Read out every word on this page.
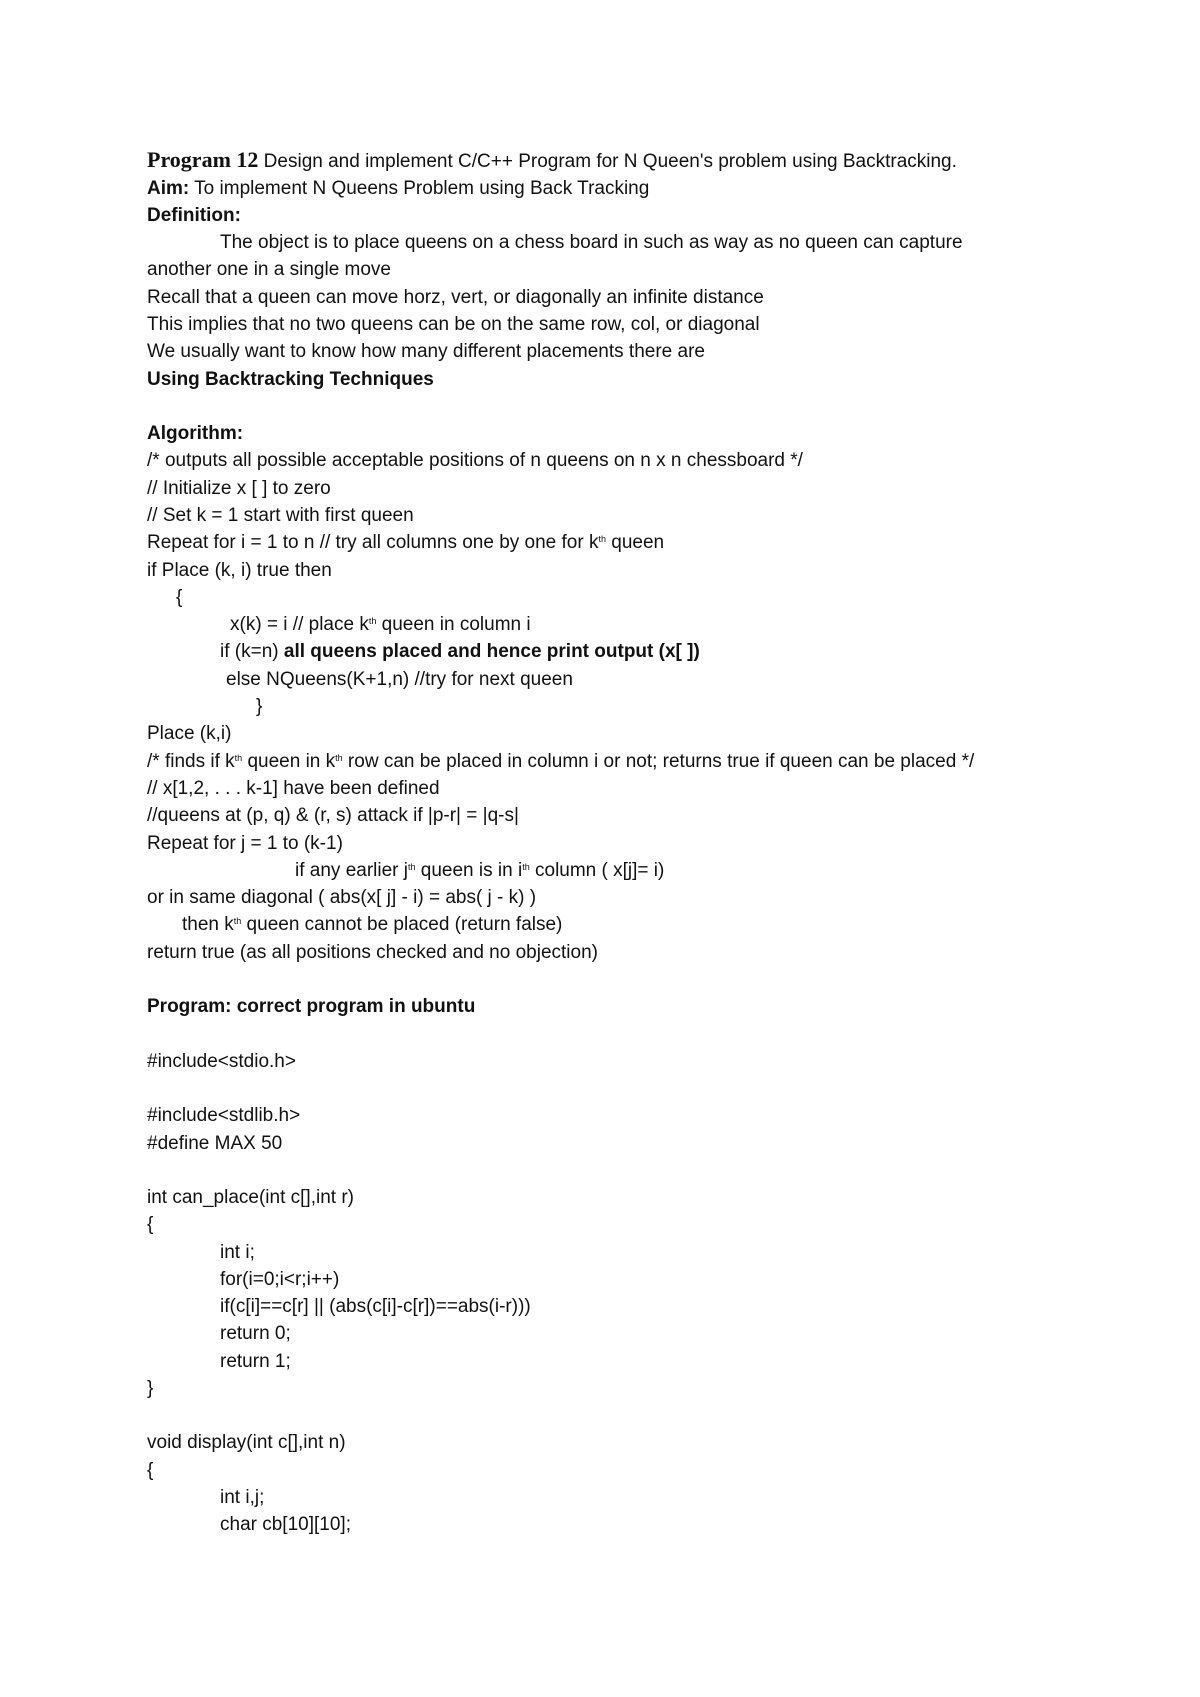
Program 12 Design and implement C/C++ Program for N Queen's problem using Backtracking.
Aim: To implement N Queens Problem using Back Tracking
Definition:
The object is to place queens on a chess board in such as way as no queen can capture
another one in a single move
Recall that a queen can move horz, vert, or diagonally an infinite distance
This implies that no two queens can be on the same row, col, or diagonal
We usually want to know how many different placements there are
Using Backtracking Techniques
Algorithm:
/* outputs all possible acceptable positions of n queens on n x n chessboard */
// Initialize x [ ] to zero
// Set k = 1 start with first queen
Repeat for i = 1 to n // try all columns one by one for $k^{th}$ queen
if Place (k, i) true then
{
x(k) = i // place $k^{th}$ queen in column i
if (k=n) all queens placed and hence print output (x[ ])
else NQueens(K+1,n) //try for next queen
}
Place (k,i)
/* finds if $k^{th}$ queen in $k^{th}$ row can be placed in column i or not; returns true if queen can be placed */
// x[1,2, . . . k-1] have been defined
//queens at (p, q) & (r, s) attack if |p-r| = |q-s|
Repeat for j = 1 to (k-1)
if any earlier $j^{th}$ queen is in $i^{th}$ column ( x[j]= i)
or in same diagonal ( abs(x[ j] - i) = abs( j - k) )
then $k^{th}$ queen cannot be placed (return false)
return true (as all positions checked and no objection)
Program: correct program in ubuntu
#include<stdio.h>
#include<stdlib.h>
#define MAX 50
int can_place(int c[],int r)
{
int i;
for(i=0;i<r;i++)
if(c[i]==c[r] || (abs(c[i]-c[r])==abs(i-r)))
return 0;
return 1;
}
void display(int c[],int n)
{
int i,j;
char cb[10][10];
